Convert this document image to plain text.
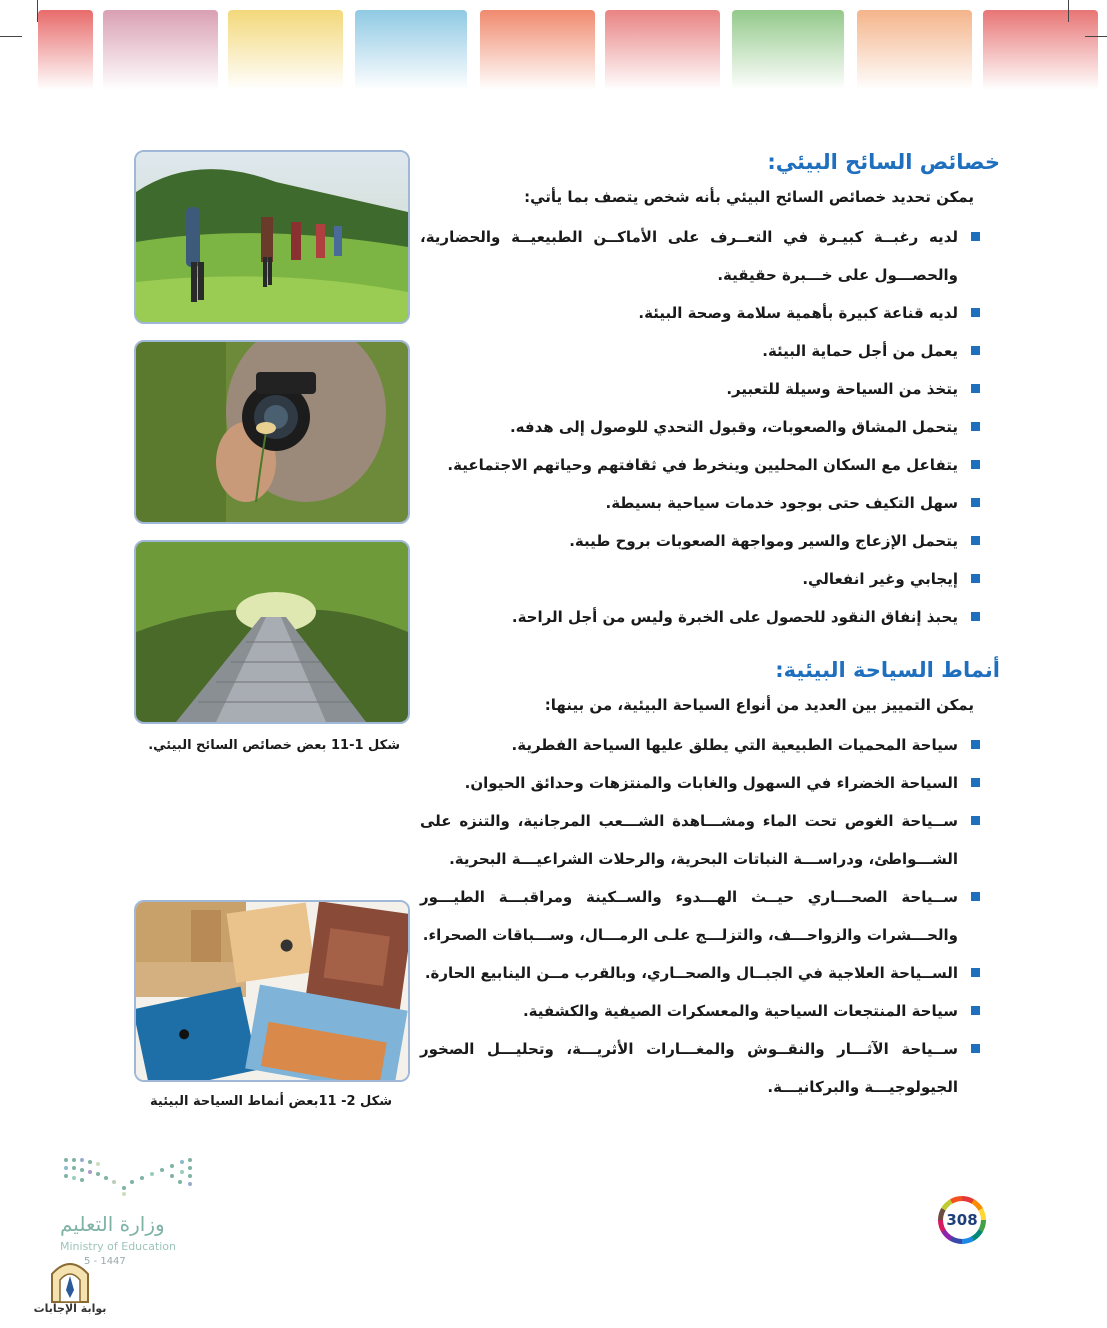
خصائص السائح البيئي:
يمكن تحديد خصائص السائح البيئي بأنه شخص يتصف بما يأتي:
لديه رغبــة كبيـرة في التعــرف على الأماكــن الطبيعيــة والحضارية، والحصـــول على خـــبرة حقيقية.
لديه قناعة كبيرة بأهمية سلامة وصحة البيئة.
يعمل من أجل حماية البيئة.
يتخذ من السياحة وسيلة للتعبير.
يتحمل المشاق والصعوبات، وقبول التحدي للوصول إلى هدفه.
يتفاعل مع السكان المحليين وينخرط في ثقافتهم وحياتهم الاجتماعية.
سهل التكيف حتى بوجود خدمات سياحية بسيطة.
يتحمل الإزعاج والسير ومواجهة الصعوبات بروح طيبة.
إيجابي وغير انفعالي.
يحبذ إنفاق النقود للحصول على الخبرة وليس من أجل الراحة.
أنماط السياحة البيئية:
يمكن التمييز بين العديد من أنواع السياحة البيئية، من بينها:
سياحة المحميات الطبيعية التي يطلق عليها السياحة الفطرية.
السياحة الخضراء في السهول والغابات والمنتزهات وحدائق الحيوان.
ســياحة الغوص تحت الماء ومشـــاهدة الشـــعب المرجانية، والتنزه على الشـــواطئ، ودراســـة النباتات البحرية، والرحلات الشراعيـــة البحرية.
ســياحة الصحـــاري حيــث الهـــدوء والســكينة ومراقبـــة الطيـــور والحـــشرات والزواحـــف، والتزلـــج علـى الرمـــال، وســـباقات الصحراء.
الســياحة العلاجية في الجبــال والصحــاري، وبالقرب مــن الينابيع الحارة.
سياحة المنتجعات السياحية والمعسكرات الصيفية والكشفية.
ســياحة الآثـــار والنقــوش والمغـــارات الأثريـــة، وتحليـــل الصخور الجيولوجيـــة والبركانيـــة.
شكل 1-11 بعض خصائص السائح البيئي.
شكل 2- 11بعض أنماط السياحة البيئية
وزارة التعليم
Ministry of Education
5 - 1447
308
بوابة الإجابات
